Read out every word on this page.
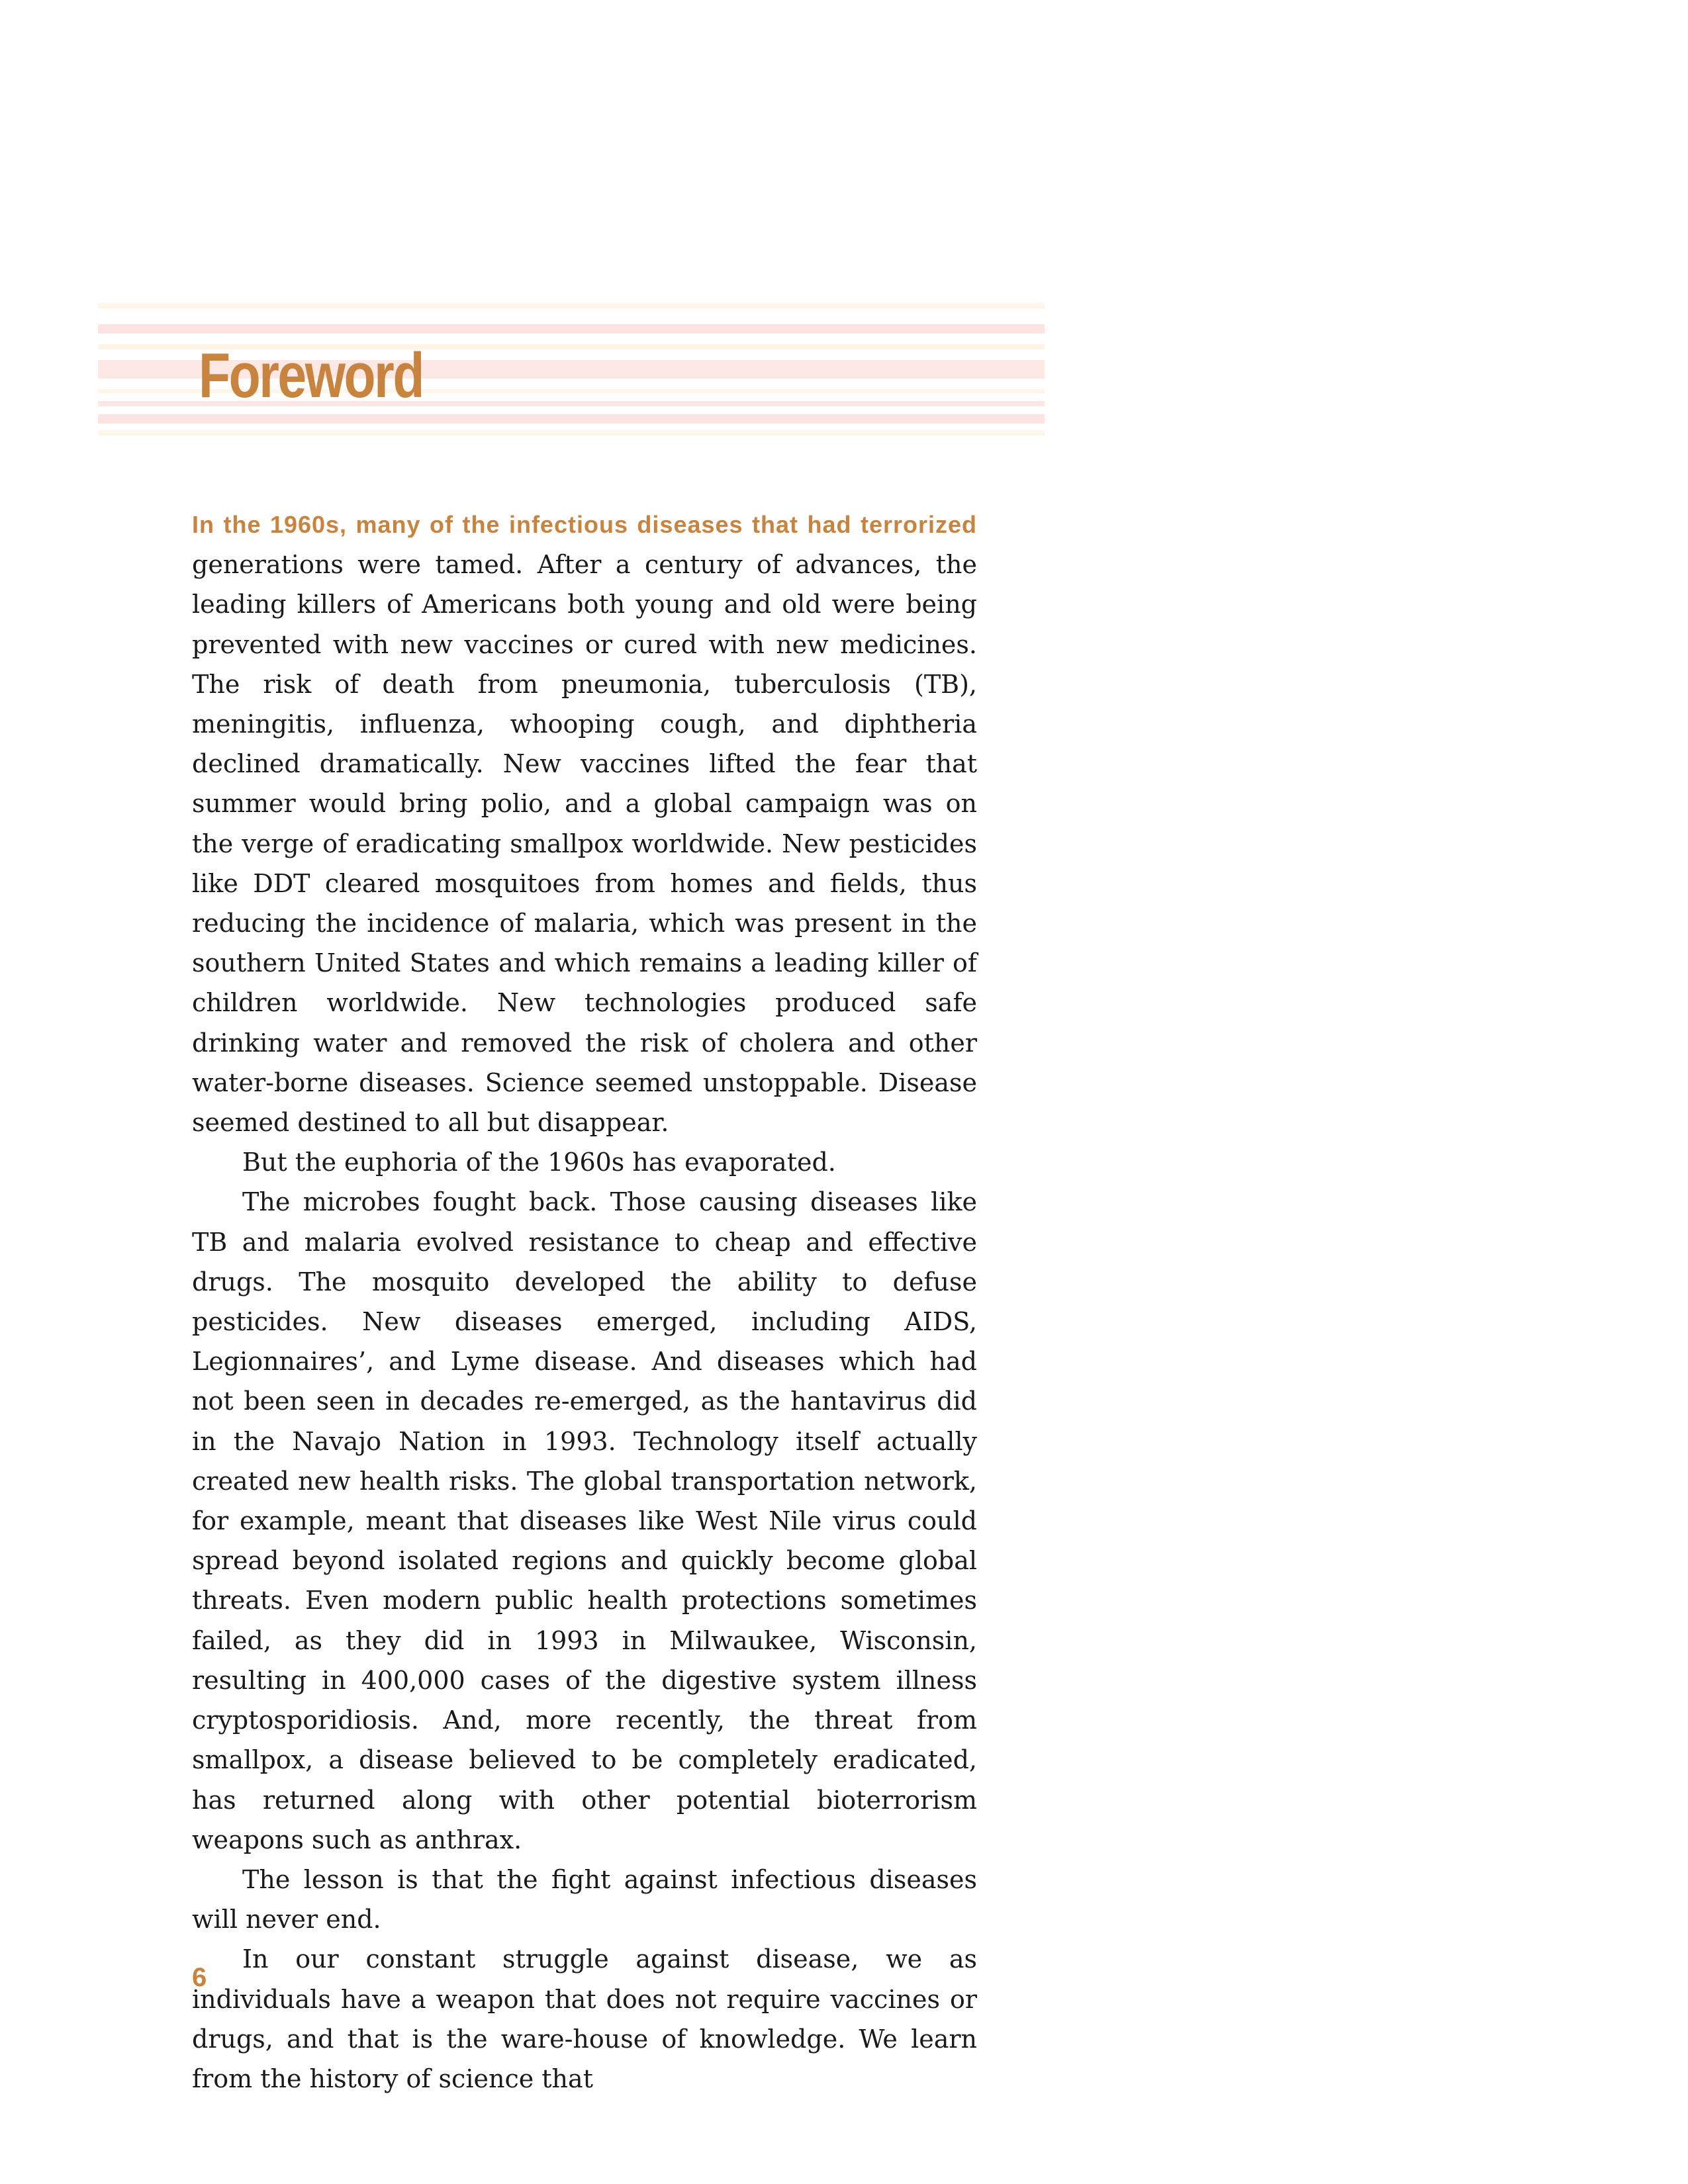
Foreword

In the 1960s, many of the infectious diseases that had terrorized generations were tamed. After a century of advances, the leading killers of Americans both young and old were being prevented with new vaccines or cured with new medicines. The risk of death from pneumonia, tuberculosis (TB), meningitis, influenza, whooping cough, and diphtheria declined dramatically. New vaccines lifted the fear that summer would bring polio, and a global campaign was on the verge of eradicating smallpox worldwide. New pesticides like DDT cleared mosquitoes from homes and fields, thus reducing the incidence of malaria, which was present in the southern United States and which remains a leading killer of children worldwide. New technologies produced safe drinking water and removed the risk of cholera and other water-borne diseases. Science seemed unstoppable. Disease seemed destined to all but disappear.

But the euphoria of the 1960s has evaporated.

The microbes fought back. Those causing diseases like TB and malaria evolved resistance to cheap and effective drugs. The mosquito developed the ability to defuse pesticides. New diseases emerged, including AIDS, Legionnaires’, and Lyme disease. And diseases which had not been seen in decades re-emerged, as the hantavirus did in the Navajo Nation in 1993. Technology itself actually created new health risks. The global transportation network, for example, meant that diseases like West Nile virus could spread beyond isolated regions and quickly become global threats. Even modern public health protections sometimes failed, as they did in 1993 in Milwaukee, Wisconsin, resulting in 400,000 cases of the digestive system illness cryptosporidiosis. And, more recently, the threat from smallpox, a disease believed to be completely eradicated, has returned along with other potential bioterrorism weapons such as anthrax.

The lesson is that the fight against infectious diseases will never end.

In our constant struggle against disease, we as individuals have a weapon that does not require vaccines or drugs, and that is the ware-house of knowledge. We learn from the history of science that

6
